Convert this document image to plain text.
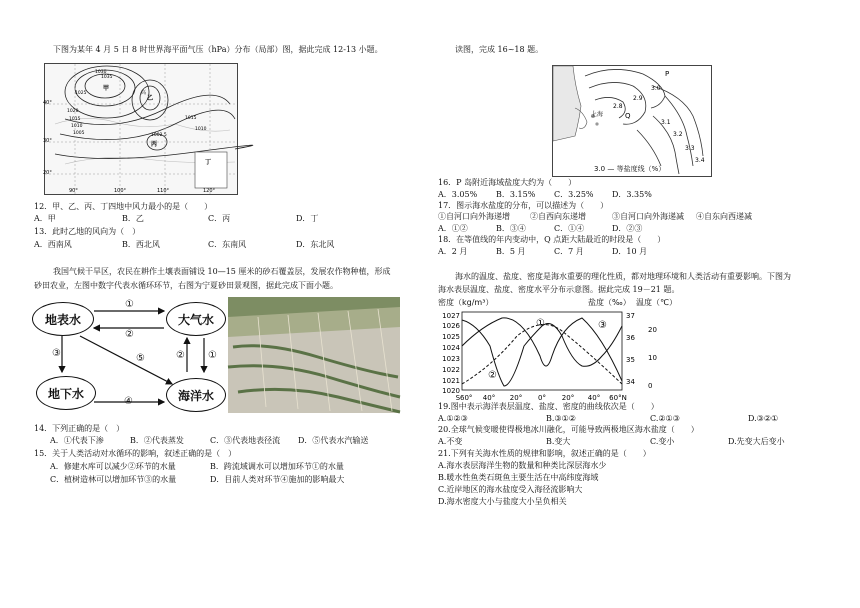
下图为某年 4 月 5 日 8 时世界海平面气压（hPa）分布（局部）图，据此完成 12-13 小题。
40°
30°
20°
90°	100°	110°	120°
1035
1030
1025
1020
1015
1010
1005
1015
1010
甲
乙
丙
丁
1002.5
高
12．甲、乙、丙、丁四地中风力最小的是（　　）
A．甲	B．乙	C．丙	D．丁
13．此时乙地的风向为（　）
A．西南风	B．西北风	C．东南风	D．东北风
我国气候干旱区，农民在耕作土壤表面铺设 10—15 厘米的砂石覆盖层，发展农作物种植，形成
砂田农业，左图中数字代表水循环环节，右图为宁夏砂田景观图，据此完成下面小题。
地表水	大气水
地下水	海洋水
①
②
③
④
⑤	② ①
14．下列正确的是（　）
A．①代表下渗	B．②代表蒸发	C．③代表地表径流 D．⑤代表水汽输送
15．关于人类活动对水循环的影响，叙述正确的是（　）
A．修建水库可以减少②环节的水量	B．跨流域调水可以增加环节①的水量
C．植树造林可以增加环节③的水量	D．目前人类对环节④施加的影响最大
读图，完成 16~18 题。
3.0
2.9
2.8
3.1
3.2
3.3
3.4
P
Q
上海
3.0 — 等盐度线（%）
16．P 岛附近海域盐度大约为（　　）
A．3.05% B．3.15% C．3.25% D．3.35%
17．图示海水盐度的分布，可以描述为（　　）
①自河口向外海递增	②自西向东递增	③自河口向外海递减 ④自东向西递减
A．①②	B．③④	C．①④	D．②③
18．在等值线的年内变动中，Q 点距大陆最近的时段是（　　）
A．2 月	B．5 月	C．7 月	D．10 月
海水的温度、盐度、密度是海水重要的理化性质，都对地理环境和人类活动有重要影响。下图为
海水表层温度、盐度、密度水平分布示意图。据此完成 19－21 题。
密度（kg/m³）	盐度（‰） 温度（℃）
1027
1026
1025
1024
1023
1022
1021
1020
37
36
35
34
20
10
0
S60° 40° 20° 0° 20° 40° 60°N
①
②
③
19.图中表示海洋表层温度、盐度、密度的曲线依次是（　　）
A.①②③	B.③①②	C.②①③	D.③②①
20.全球气候变暖使得极地冰川融化，可能导致两极地区海水盐度（　　）
A.不变	B.变大	C.变小	D.先变大后变小
21.下列有关海水性质的规律和影响，叙述正确的是（　　）
A.海水表层海洋生物的数量和种类比深层海水少
B.暖水性鱼类石斑鱼主要生活在中高纬度海域
C.近岸地区的海水盐度受入海径流影响大
D.海水密度大小与盐度大小呈负相关
